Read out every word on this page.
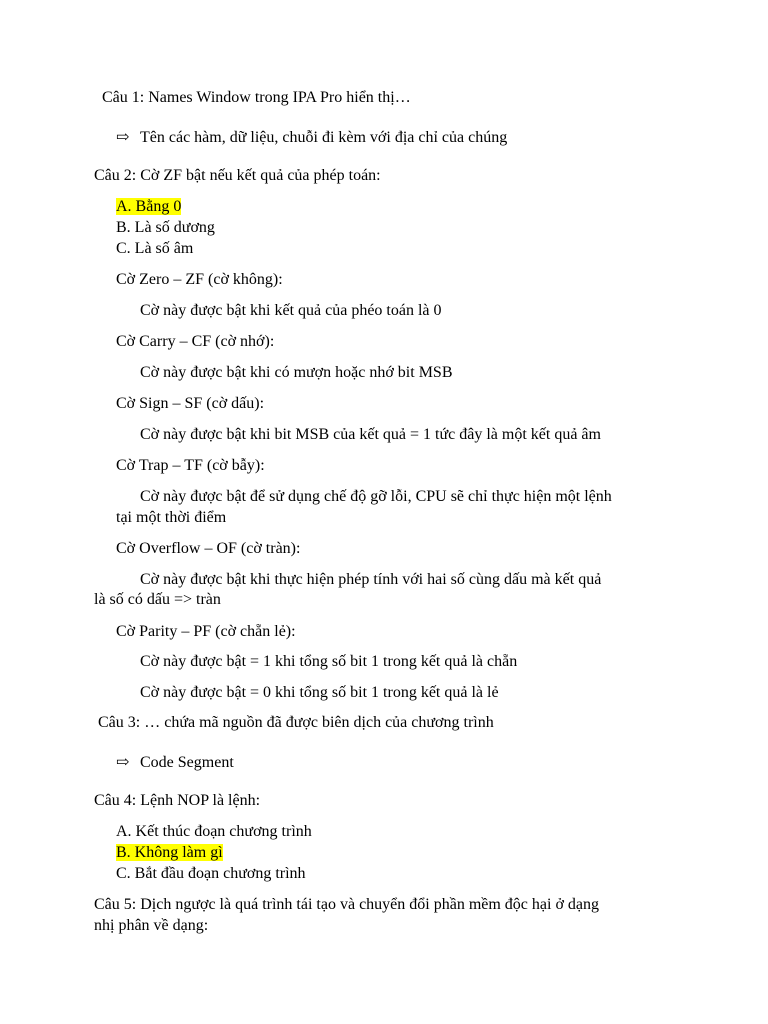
Câu 1: Names Window trong IPA Pro hiển thị…
⇨ Tên các hàm, dữ liệu, chuỗi đi kèm với địa chỉ của chúng
Câu 2: Cờ ZF bật nếu kết quả của phép toán:
A. Bằng 0
B. Là số dương
C. Là số âm
Cờ Zero – ZF (cờ không):
Cờ này được bật khi kết quả của phéo toán là 0
Cờ Carry – CF (cờ nhớ):
Cờ này được bật khi có mượn hoặc nhớ bit MSB
Cờ Sign – SF (cờ dấu):
Cờ này được bật khi bit MSB của kết quả = 1 tức đây là một kết quả âm
Cờ Trap – TF (cờ bẫy):
Cờ này được bật để sử dụng chế độ gỡ lỗi, CPU sẽ chỉ thực hiện một lệnh
tại một thời điểm
Cờ Overflow – OF (cờ tràn):
Cờ này được bật khi thực hiện phép tính với hai số cùng dấu mà kết quả
là số có dấu => tràn
Cờ Parity – PF (cờ chẵn lẻ):
Cờ này được bật = 1 khi tổng số bit 1 trong kết quả là chẵn
Cờ này được bật = 0 khi tổng số bit 1 trong kết quả là lẻ
Câu 3: … chứa mã nguồn đã được biên dịch của chương trình
⇨ Code Segment
Câu 4: Lệnh NOP là lệnh:
A. Kết thúc đoạn chương trình
B. Không làm gì
C. Bắt đầu đoạn chương trình
Câu 5: Dịch ngược là quá trình tái tạo và chuyển đổi phần mềm độc hại ở dạng
nhị phân về dạng:
